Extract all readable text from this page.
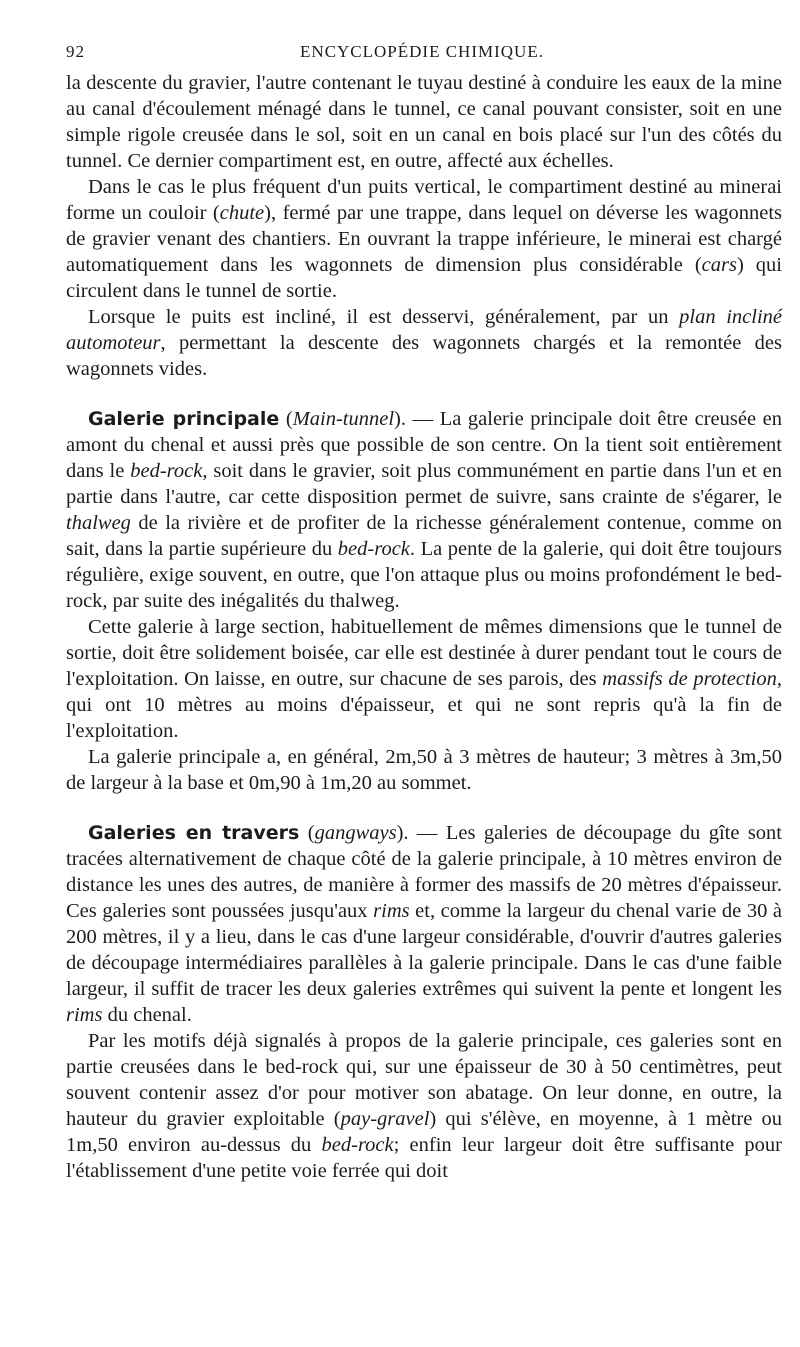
92	ENCYCLOPÉDIE CHIMIQUE.

la descente du gravier, l'autre contenant le tuyau destiné à conduire les eaux de la mine au canal d'écoulement ménagé dans le tunnel, ce canal pouvant consister, soit en une simple rigole creusée dans le sol, soit en un canal en bois placé sur l'un des côtés du tunnel. Ce dernier compartiment est, en outre, affecté aux échelles.

Dans le cas le plus fréquent d'un puits vertical, le compartiment destiné au minerai forme un couloir (chute), fermé par une trappe, dans lequel on déverse les wagonnets de gravier venant des chantiers. En ouvrant la trappe inférieure, le minerai est chargé automatiquement dans les wagonnets de dimension plus considérable (cars) qui circulent dans le tunnel de sortie.

Lorsque le puits est incliné, il est desservi, généralement, par un plan incliné automoteur, permettant la descente des wagonnets chargés et la remontée des wagonnets vides.

Galerie principale (Main-tunnel). — La galerie principale doit être creusée en amont du chenal et aussi près que possible de son centre. On la tient soit entièrement dans le bed-rock, soit dans le gravier, soit plus communément en partie dans l'un et en partie dans l'autre, car cette disposition permet de suivre, sans crainte de s'égarer, le thalweg de la rivière et de profiter de la richesse généralement contenue, comme on sait, dans la partie supérieure du bed-rock. La pente de la galerie, qui doit être toujours régulière, exige souvent, en outre, que l'on attaque plus ou moins profondément le bed-rock, par suite des inégalités du thalweg.

Cette galerie à large section, habituellement de mêmes dimensions que le tunnel de sortie, doit être solidement boisée, car elle est destinée à durer pendant tout le cours de l'exploitation. On laisse, en outre, sur chacune de ses parois, des massifs de protection, qui ont 10 mètres au moins d'épaisseur, et qui ne sont repris qu'à la fin de l'exploitation.

La galerie principale a, en général, 2m,50 à 3 mètres de hauteur; 3 mètres à 3m,50 de largeur à la base et 0m,90 à 1m,20 au sommet.

Galeries en travers (gangways). — Les galeries de découpage du gîte sont tracées alternativement de chaque côté de la galerie principale, à 10 mètres environ de distance les unes des autres, de manière à former des massifs de 20 mètres d'épaisseur. Ces galeries sont poussées jusqu'aux rims et, comme la largeur du chenal varie de 30 à 200 mètres, il y a lieu, dans le cas d'une largeur considérable, d'ouvrir d'autres galeries de découpage intermédiaires parallèles à la galerie principale. Dans le cas d'une faible largeur, il suffit de tracer les deux galeries extrêmes qui suivent la pente et longent les rims du chenal.

Par les motifs déjà signalés à propos de la galerie principale, ces galeries sont en partie creusées dans le bed-rock qui, sur une épaisseur de 30 à 50 centimètres, peut souvent contenir assez d'or pour motiver son abatage. On leur donne, en outre, la hauteur du gravier exploitable (pay-gravel) qui s'élève, en moyenne, à 1 mètre ou 1m,50 environ au-dessus du bed-rock; enfin leur largeur doit être suffisante pour l'établissement d'une petite voie ferrée qui doit
